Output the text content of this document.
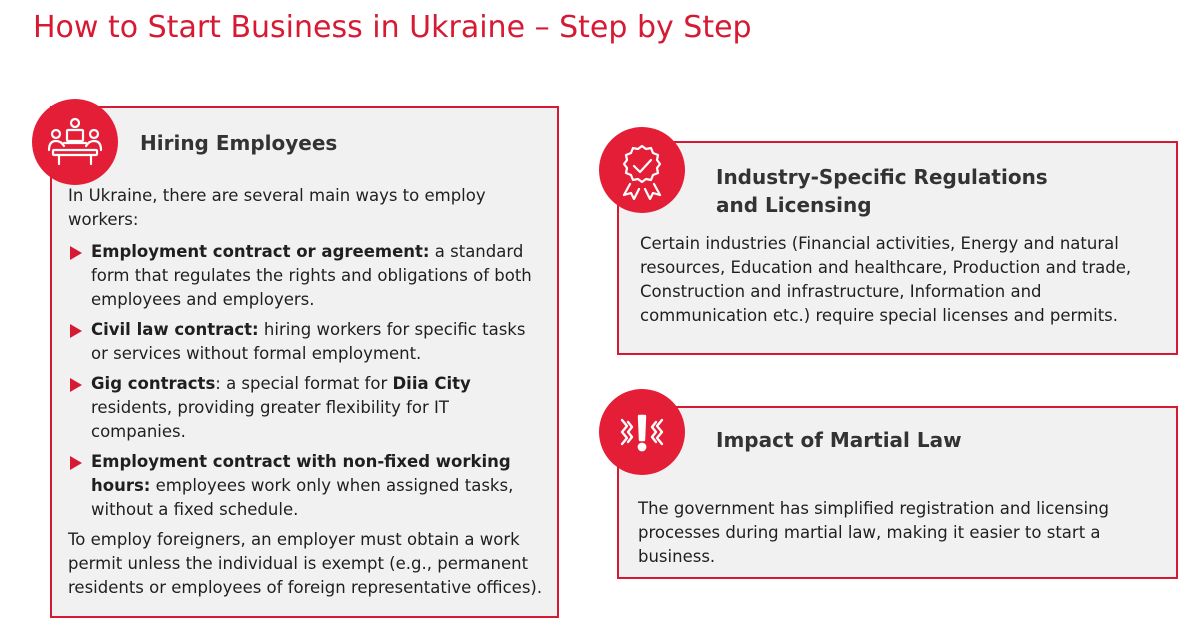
How to Start Business in Ukraine – Step by Step
Hiring Employees

In Ukraine, there are several main ways to employ workers:

Employment contract or agreement: a standard form that regulates the rights and obligations of both employees and employers.
Civil law contract: hiring workers for specific tasks or services without formal employment.
Gig contracts: a special format for Diia City residents, providing greater flexibility for IT companies.
Employment contract with non-fixed working hours: employees work only when assigned tasks, without a fixed schedule.

To employ foreigners, an employer must obtain a work permit unless the individual is exempt (e.g., permanent residents or employees of foreign representative offices).

Industry-Specific Regulations
and Licensing
Certain industries (Financial activities, Energy and natural resources, Education and healthcare, Production and trade, Construction and infrastructure, Information and communication etc.) require special licenses and permits.
Impact of Martial Law
The government has simplified registration and licensing processes during martial law, making it easier to start a business.
